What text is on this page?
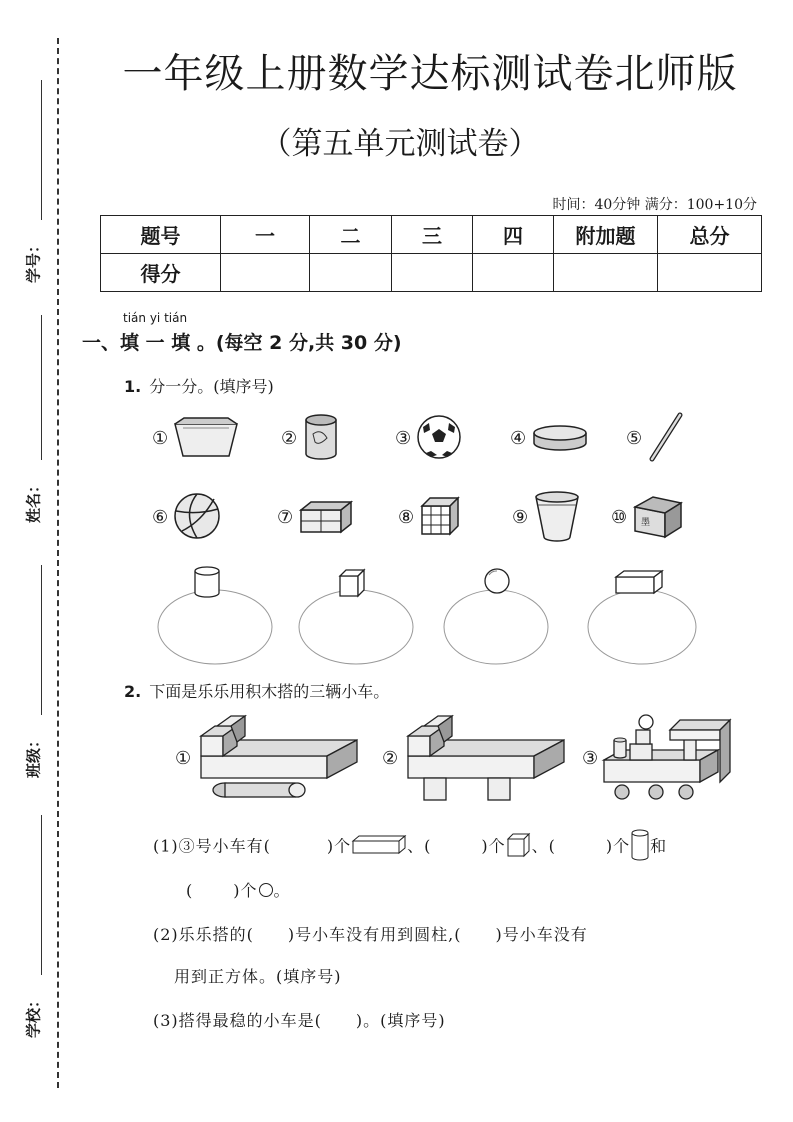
学号：
姓名：
班级：
学校：
一年级上册数学达标测试卷北师版
（第五单元测试卷）
时间：40分钟 满分：100+10分
题号	一	二	三	四	附加题	总分
得分						
tián yi tián
一、填 一 填 。(每空 2 分,共 30 分)
1. 分一分。(填序号)
①	②	③	④	⑤
⑥	⑦	⑧	⑨	⑩ 墨
2. 下面是乐乐用积木搭的三辆小车。
①	②	③
(1)③号小车有(	)个	、(	)个 、(	)个 和
(	)个 。
(2)乐乐搭的(　　)号小车没有用到圆柱,(　　)号小车没有
用到正方体。(填序号)
(3)搭得最稳的小车是(　　)。(填序号)
